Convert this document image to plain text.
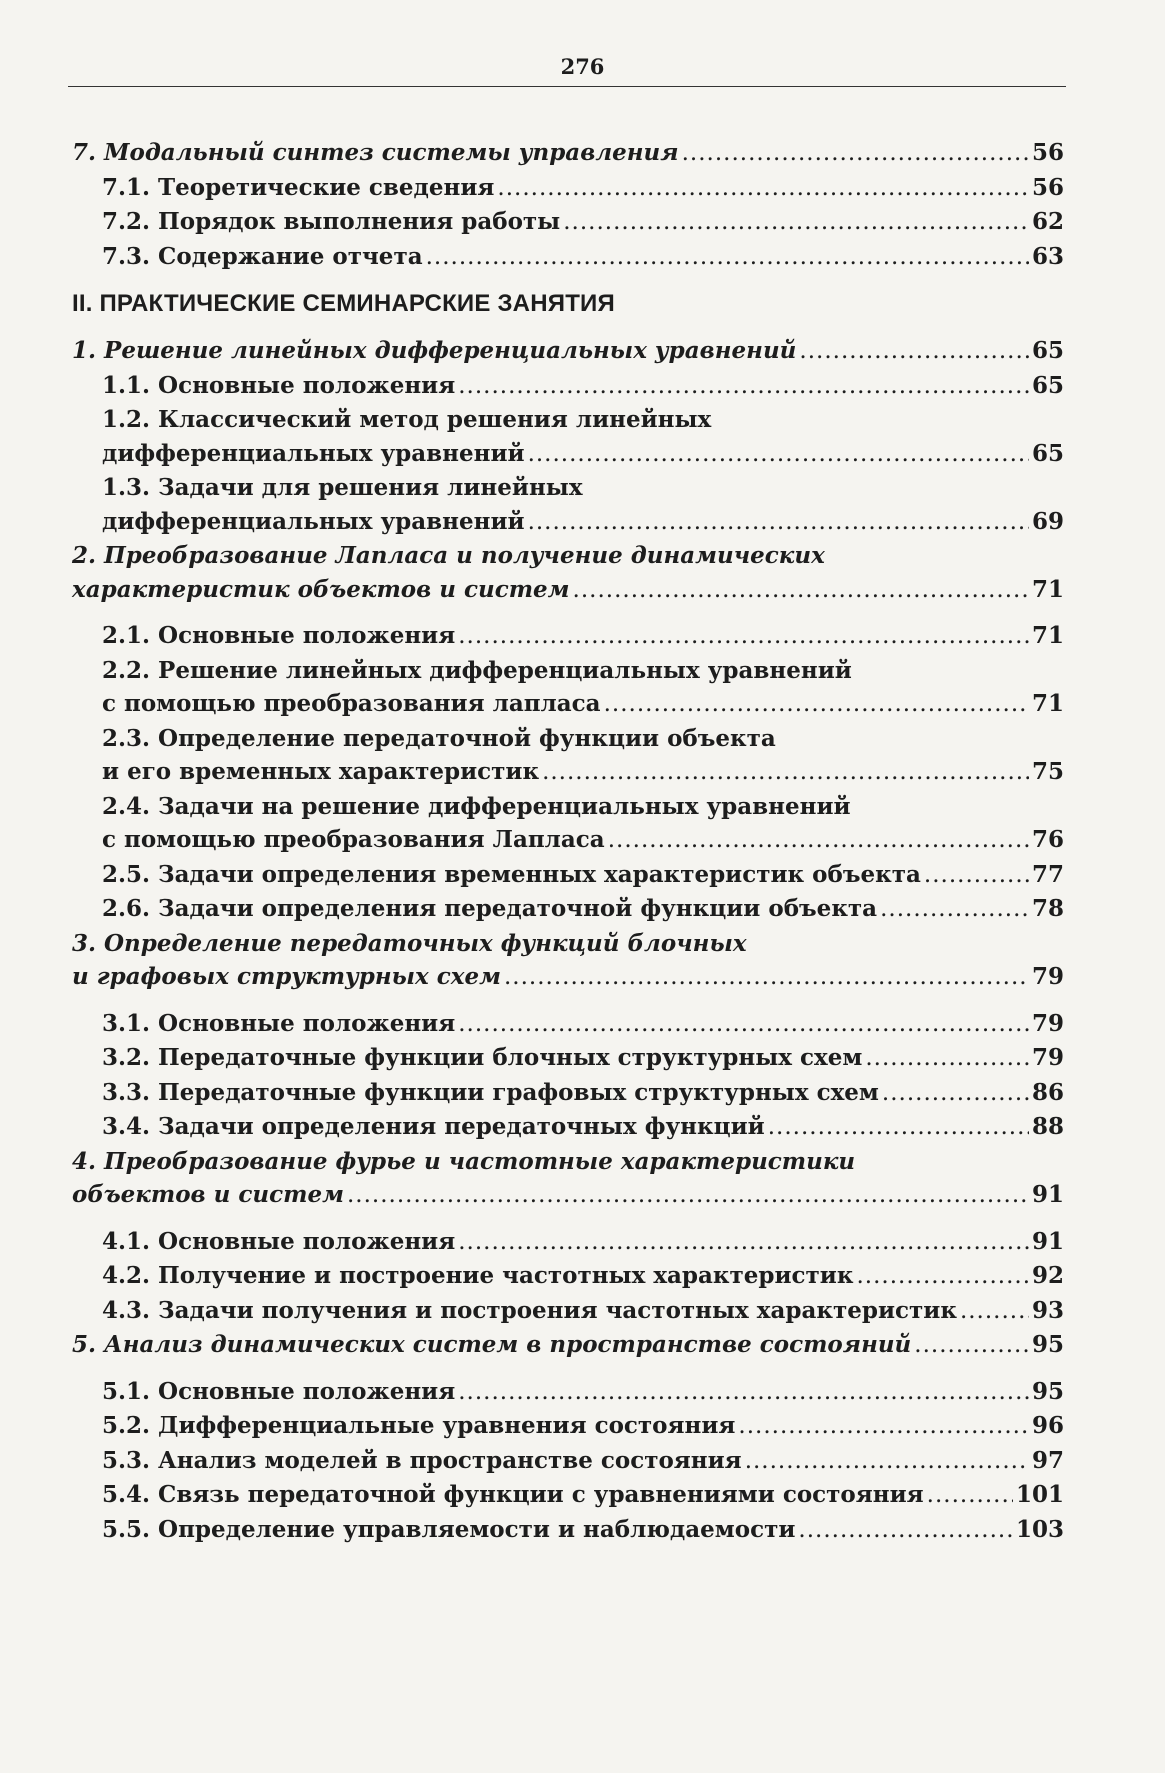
276
7. Модальный синтез системы управления .....	56
7.1. Теоретические сведения .....	56
7.2. Порядок выполнения работы .....	62
7.3. Содержание отчета .....	63
II. ПРАКТИЧЕСКИЕ СЕМИНАРСКИЕ ЗАНЯТИЯ
1. Решение линейных дифференциальных уравнений .....	65
1.1. Основные положения .....	65
1.2. Классический метод решения линейных
дифференциальных уравнений .....	65
1.3. Задачи для решения линейных
дифференциальных уравнений .....	69
2. Преобразование Лапласа и получение динамических
характеристик объектов и систем .....	71
2.1. Основные положения .....	71
2.2. Решение линейных дифференциальных уравнений
с помощью преобразования лапласа .....	71
2.3. Определение передаточной функции объекта
и его временных характеристик .....	75
2.4. Задачи на решение дифференциальных уравнений
с помощью преобразования Лапласа .....	76
2.5. Задачи определения временных характеристик объекта .....	77
2.6. Задачи определения передаточной функции объекта .....	78
3. Определение передаточных функций блочных
и графовых структурных схем .....	79
3.1. Основные положения .....	79
3.2. Передаточные функции блочных структурных схем .....	79
3.3. Передаточные функции графовых структурных схем .....	86
3.4. Задачи определения передаточных функций .....	88
4. Преобразование фурье и частотные характеристики
объектов и систем .....	91
4.1. Основные положения .....	91
4.2. Получение и построение частотных характеристик .....	92
4.3. Задачи получения и построения частотных характеристик .....	93
5. Анализ динамических систем в пространстве состояний .....	95
5.1. Основные положения .....	95
5.2. Дифференциальные уравнения состояния .....	96
5.3. Анализ моделей в пространстве состояния .....	97
5.4. Связь передаточной функции с уравнениями состояния .....	101
5.5. Определение управляемости и наблюдаемости .....	103
